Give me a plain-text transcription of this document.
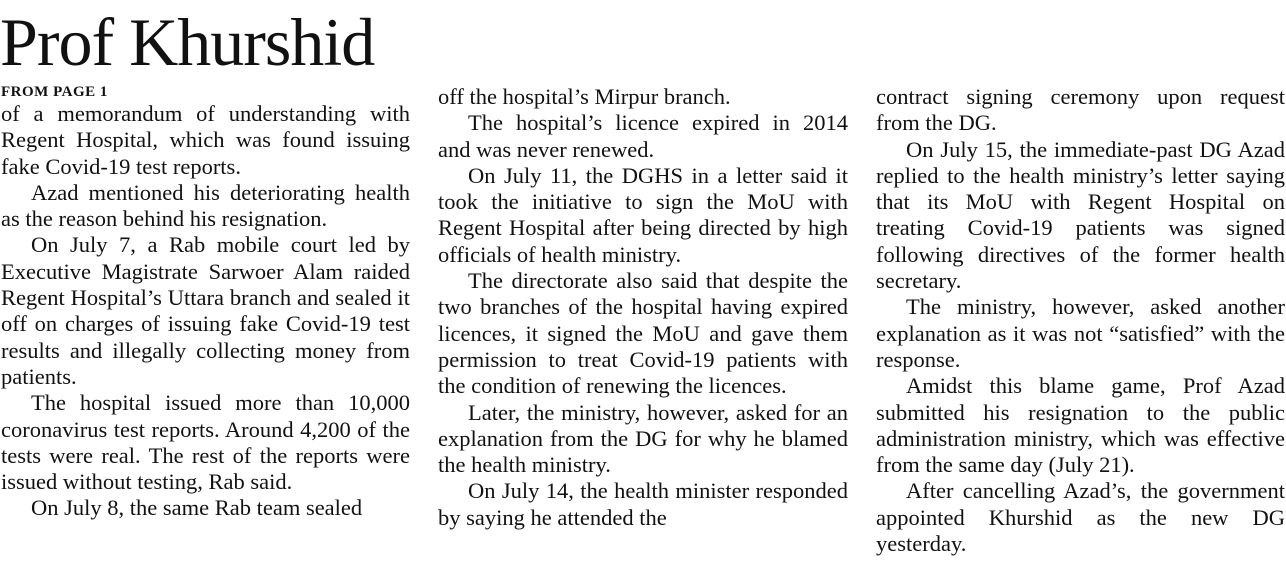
Prof Khurshid
FROM PAGE 1

of a memorandum of understanding with Regent Hospital, which was found issuing fake Covid-19 test reports.

Azad mentioned his deteriorating health as the reason behind his resignation.

On July 7, a Rab mobile court led by Executive Magistrate Sarwoer Alam raided Regent Hospital’s Uttara branch and sealed it off on charges of issuing fake Covid-19 test results and illegally collecting money from patients.

The hospital issued more than 10,000 coronavirus test reports. Around 4,200 of the tests were real. The rest of the reports were issued without testing, Rab said.

On July 8, the same Rab team sealed

off the hospital’s Mirpur branch.

The hospital’s licence expired in 2014 and was never renewed.

On July 11, the DGHS in a letter said it took the initiative to sign the MoU with Regent Hospital after being directed by high officials of health ministry.

The directorate also said that despite the two branches of the hospital having expired licences, it signed the MoU and gave them permission to treat Covid-19 patients with the condition of renewing the licences.

Later, the ministry, however, asked for an explanation from the DG for why he blamed the health ministry.

On July 14, the health minister responded by saying he attended the

contract signing ceremony upon request from the DG.

On July 15, the immediate-past DG Azad replied to the health ministry’s letter saying that its MoU with Regent Hospital on treating Covid-19 patients was signed following directives of the former health secretary.

The ministry, however, asked another explanation as it was not “satisfied” with the response.

Amidst this blame game, Prof Azad submitted his resignation to the public administration ministry, which was effective from the same day (July 21).

After cancelling Azad’s, the government appointed Khurshid as the new DG yesterday.
